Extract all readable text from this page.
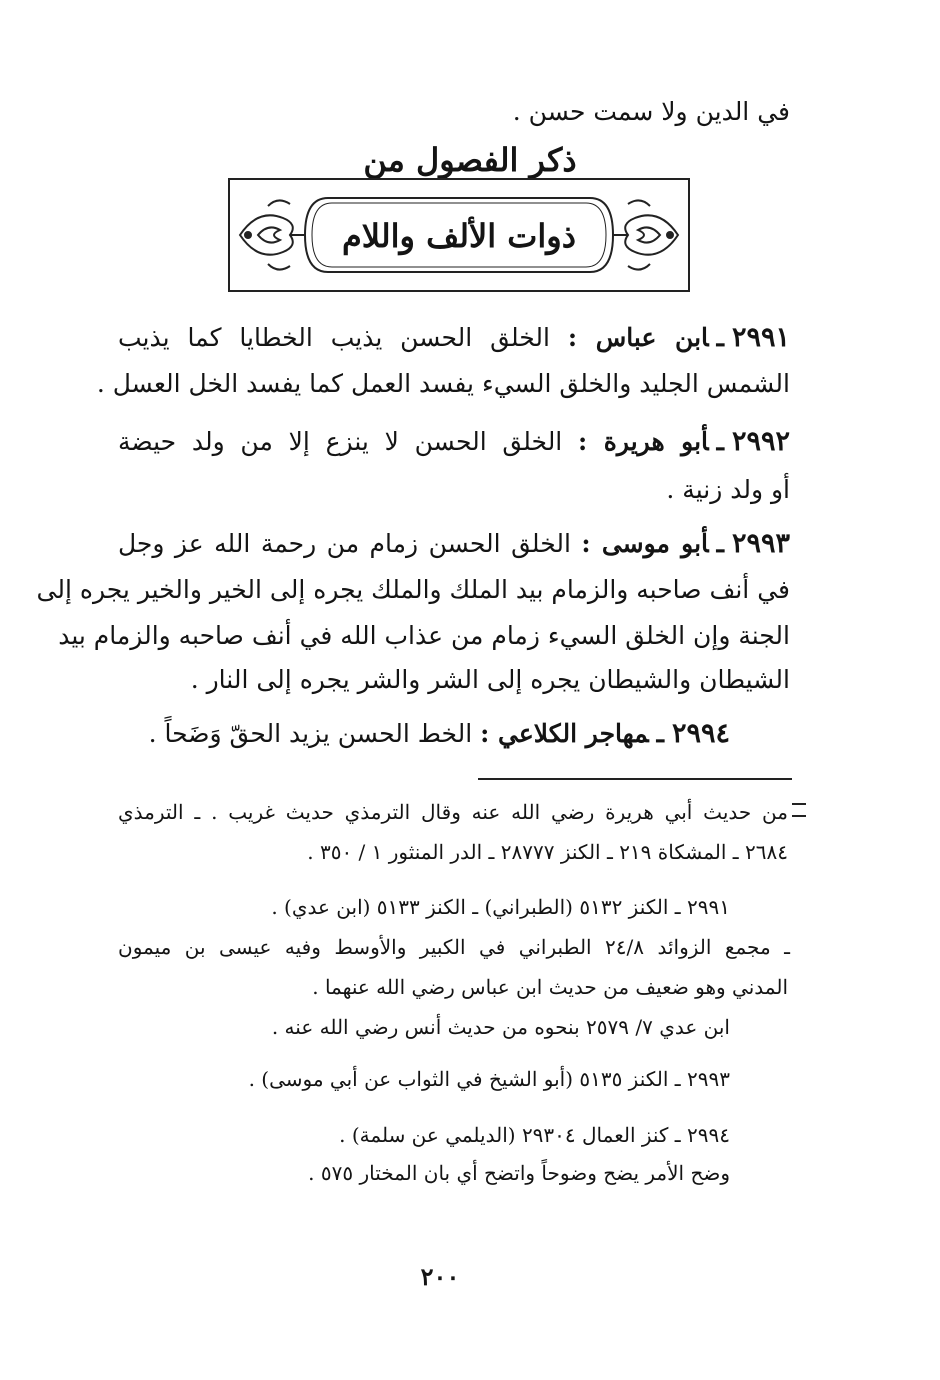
في الدين ولا سمت حسن .
ذكر الفصول من
ذوات الألف واللام
٢٩٩١ـابن عباس : الخلق الحسن يذيب الخطايا كما يذيب
الشمس الجليد والخلق السيء يفسد العمل كما يفسد الخل العسل .
٢٩٩٢ـأبو هريرة : الخلق الحسن لا ينزع إلا من ولد حيضة
أو ولد زنية .
٢٩٩٣ـأبو موسى : الخلق الحسن زمام من رحمة الله عز وجل
في أنف صاحبه والزمام بيد الملك والملك يجره إلى الخير والخير يجره إلى
الجنة وإن الخلق السيء زمام من عذاب الله في أنف صاحبه والزمام بيد
الشيطان والشيطان يجره إلى الشر والشر يجره إلى النار .
٢٩٩٤ـمهاجر الكلاعي : الخط الحسن يزيد الحقّ وَضَحاً .
من حديث أبي هريرة رضي الله عنه وقال الترمذي حديث غريب . ـ الترمذي
٢٦٨٤ ـ المشكاة ٢١٩ ـ الكنز ٢٨٧٧٧ ـ الدر المنثور ١ / ٣٥٠ .
٢٩٩١ ـ الكنز ٥١٣٢ (الطبراني) ـ الكنز ٥١٣٣ (ابن عدي) .
ـ مجمع الزوائد ٢٤/٨ الطبراني في الكبير والأوسط وفيه عيسى بن ميمون
المدني وهو ضعيف من حديث ابن عباس رضي الله عنهما .
ابن عدي ٧/ ٢٥٧٩ بنحوه من حديث أنس رضي الله عنه .
٢٩٩٣ ـ الكنز ٥١٣٥ (أبو الشيخ في الثواب عن أبي موسى) .
٢٩٩٤ ـ كنز العمال ٢٩٣٠٤ (الديلمي عن سلمة) .
وضح الأمر يضح وضوحاً واتضح أي بان المختار ٥٧٥ .
٢٠٠
